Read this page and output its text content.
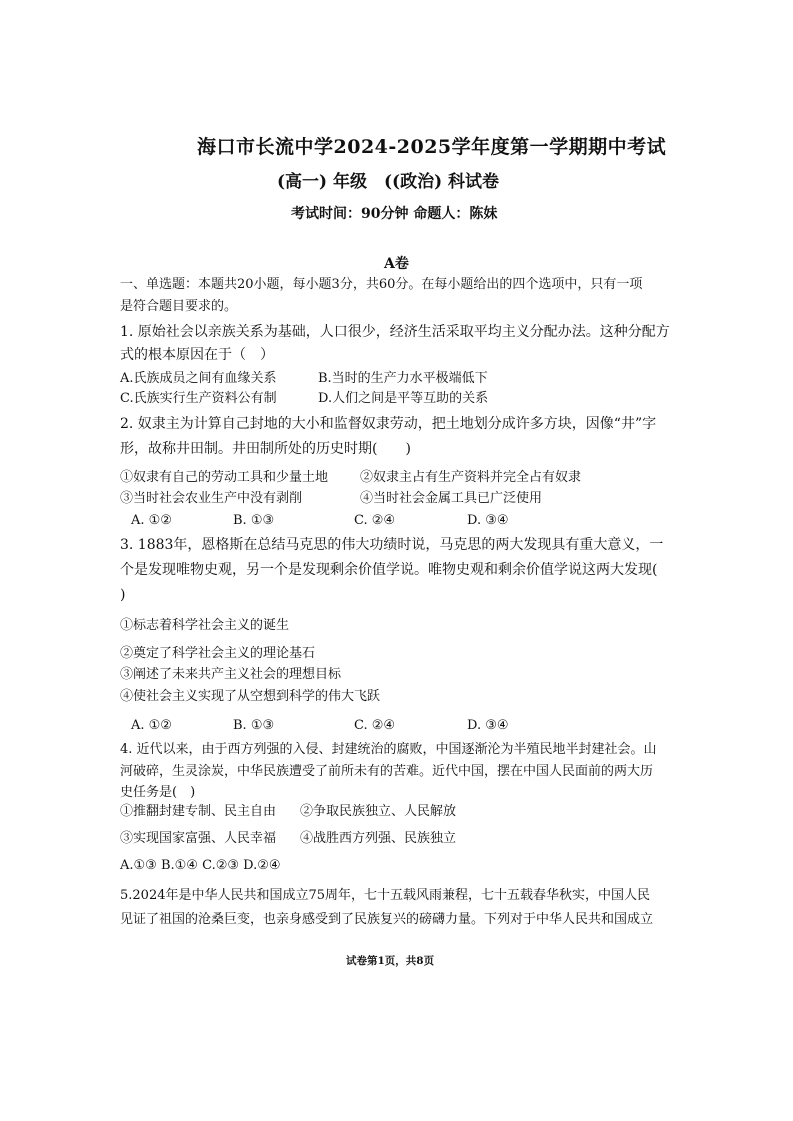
海口市长流中学2024-2025学年度第一学期期中考试
(高一) 年级　((政治) 科试卷
考试时间：90分钟 命题人：陈妹
A卷
一、单选题：本题共20小题，每小题3分，共60分。在每小题给出的四个选项中，只有一项
是符合题目要求的。
1. 原始社会以亲族关系为基础，人口很少，经济生活采取平均主义分配办法。这种分配方
式的根本原因在于（　）
A.氏族成员之间有血缘关系	B.当时的生产力水平极端低下
C.氏族实行生产资料公有制	D.人们之间是平等互助的关系
2. 奴隶主为计算自己封地的大小和监督奴隶劳动，把土地划分成许多方块，因像“井”字
形，故称井田制。井田制所处的历史时期(　　)
①奴隶有自己的劳动工具和少量土地 ②奴隶主占有生产资料并完全占有奴隶
③当时社会农业生产中没有剥削	④当时社会金属工具已广泛使用
A. ①②	B. ①③	C. ②④	D. ③④
3. 1883年，恩格斯在总结马克思的伟大功绩时说，马克思的两大发现具有重大意义，一
个是发现唯物史观，另一个是发现剩余价值学说。唯物史观和剩余价值学说这两大发现(
)
①标志着科学社会主义的诞生
②奠定了科学社会主义的理论基石
③阐述了未来共产主义社会的理想目标
④使社会主义实现了从空想到科学的伟大飞跃
A. ①②	B. ①③	C. ②④	D. ③④
4. 近代以来，由于西方列强的入侵、封建统治的腐败，中国逐渐沦为半殖民地半封建社会。山
河破碎，生灵涂炭，中华民族遭受了前所未有的苦难。近代中国，摆在中国人民面前的两大历
史任务是(　)
①推翻封建专制、民主自由 ②争取民族独立、人民解放
③实现国家富强、人民幸福 ④战胜西方列强、民族独立
A.①③ B.①④ C.②③ D.②④
5.2024年是中华人民共和国成立75周年，七十五载风雨兼程，七十五载春华秋实，中国人民
见证了祖国的沧桑巨变，也亲身感受到了民族复兴的磅礴力量。下列对于中华人民共和国成立
试卷第1页，共8页
